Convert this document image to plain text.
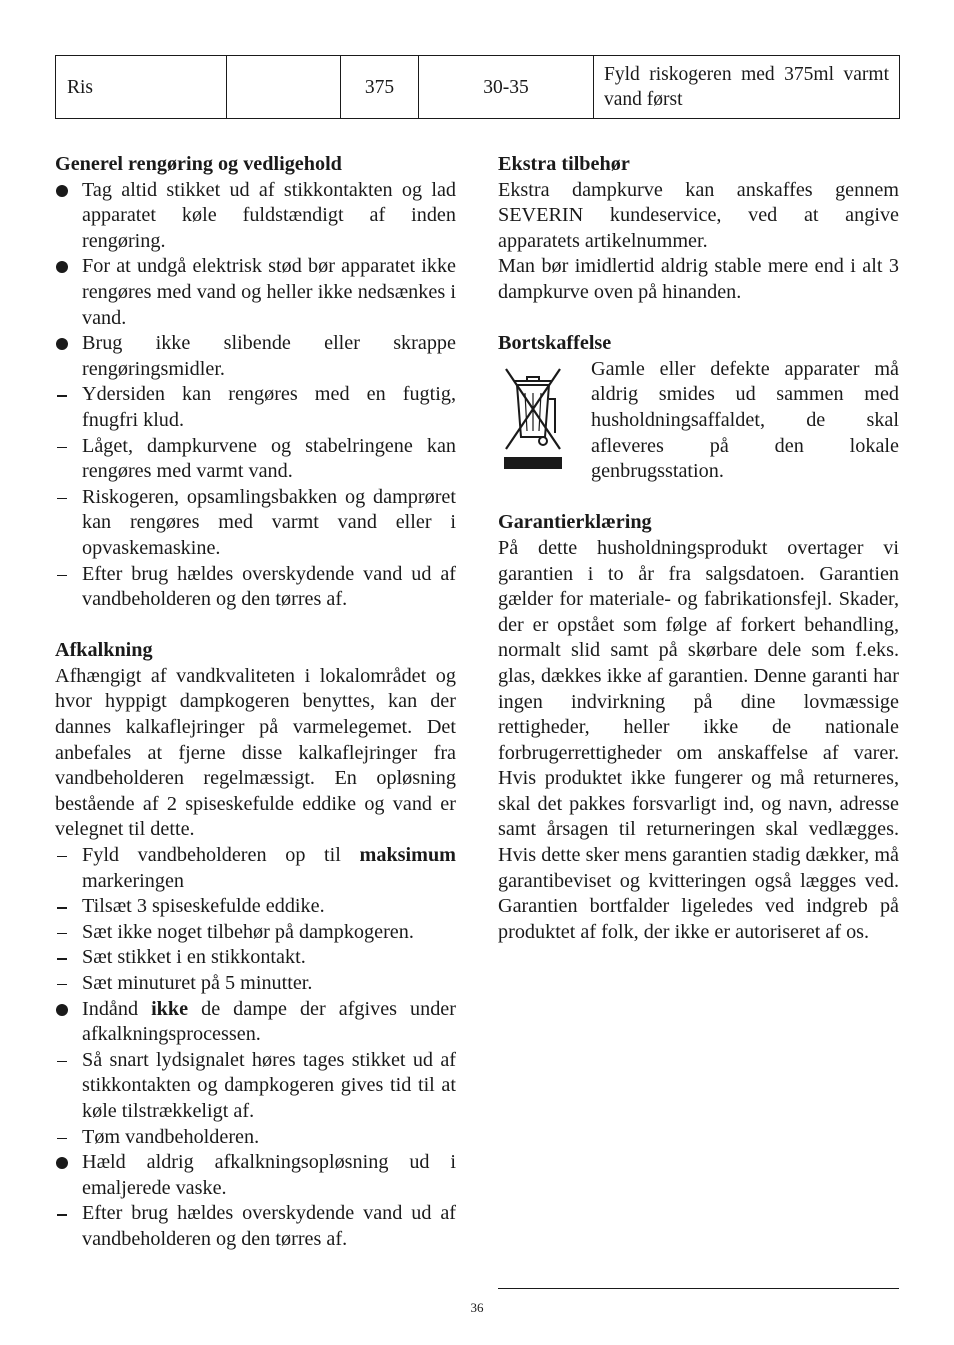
Ris		375	30-35	Fyld riskogeren med 375ml varmt vand først

Generel rengøring og vedligehold

Tag altid stikket ud af stikkontakten og lad apparatet køle fuldstændigt af inden rengøring.
For at undgå elektrisk stød bør apparatet ikke rengøres med vand og heller ikke nedsænkes i vand.
Brug ikke slibende eller skrappe rengøringsmidler.
Ydersiden kan rengøres med en fugtig, fnugfri klud.
Låget, dampkurvene og stabelringene kan rengøres med varmt vand.
Riskogeren, opsamlingsbakken og damprøret kan rengøres med varmt vand eller i opvaskemaskine.
Efter brug hældes overskydende vand ud af vandbeholderen og den tørres af.

Afkalkning

Afhængigt af vandkvaliteten i lokalområdet og hvor hyppigt dampkogeren benyttes, kan der dannes kalkaflejringer på varmelegemet. Det anbefales at fjerne disse kalkaflejringer fra vandbeholderen regelmæssigt. En opløsning bestående af 2 spiseskefulde eddike og vand er velegnet til dette.

Fyld vandbeholderen op til maksimum markeringen
Tilsæt 3 spiseskefulde eddike.
Sæt ikke noget tilbehør på dampkogeren.
Sæt stikket i en stikkontakt.
Sæt minuturet på 5 minutter.
Indånd ikke de dampe der afgives under afkalkningsprocessen.
Så snart lydsignalet høres tages stikket ud af stikkontakten og dampkogeren gives tid til at køle tilstrækkeligt af.
Tøm vandbeholderen.
Hæld aldrig afkalkningsopløsning ud i emaljerede vaske.
Efter brug hældes overskydende vand ud af vandbeholderen og den tørres af.

Ekstra tilbehør

Ekstra dampkurve kan anskaffes gennem SEVERIN kundeservice, ved at angive apparatets artikelnummer.

Man bør imidlertid aldrig stable mere end i alt 3 dampkurve oven på hinanden.

Bortskaffelse

Gamle eller defekte apparater må aldrig smides ud sammen med husholdningsaffaldet, de skal afleveres på den lokale genbrugsstation.

Garantierklæring

På dette husholdningsprodukt overtager vi garantien i to år fra salgsdatoen. Garantien gælder for materiale- og fabrikationsfejl. Skader, der er opstået som følge af forkert behandling, normalt slid samt på skørbare dele som f.eks. glas, dækkes ikke af garantien. Denne garanti har ingen indvirkning på dine lovmæssige rettigheder, heller ikke de nationale forbrugerrettigheder om anskaffelse af varer. Hvis produktet ikke fungerer og må returneres, skal det pakkes forsvarligt ind, og navn, adresse samt årsagen til returneringen skal vedlægges. Hvis dette sker mens garantien stadig dækker, må garantibeviset og kvitteringen også lægges ved. Garantien bortfalder ligeledes ved indgreb på produktet af folk, der ikke er autoriseret af os.

36
